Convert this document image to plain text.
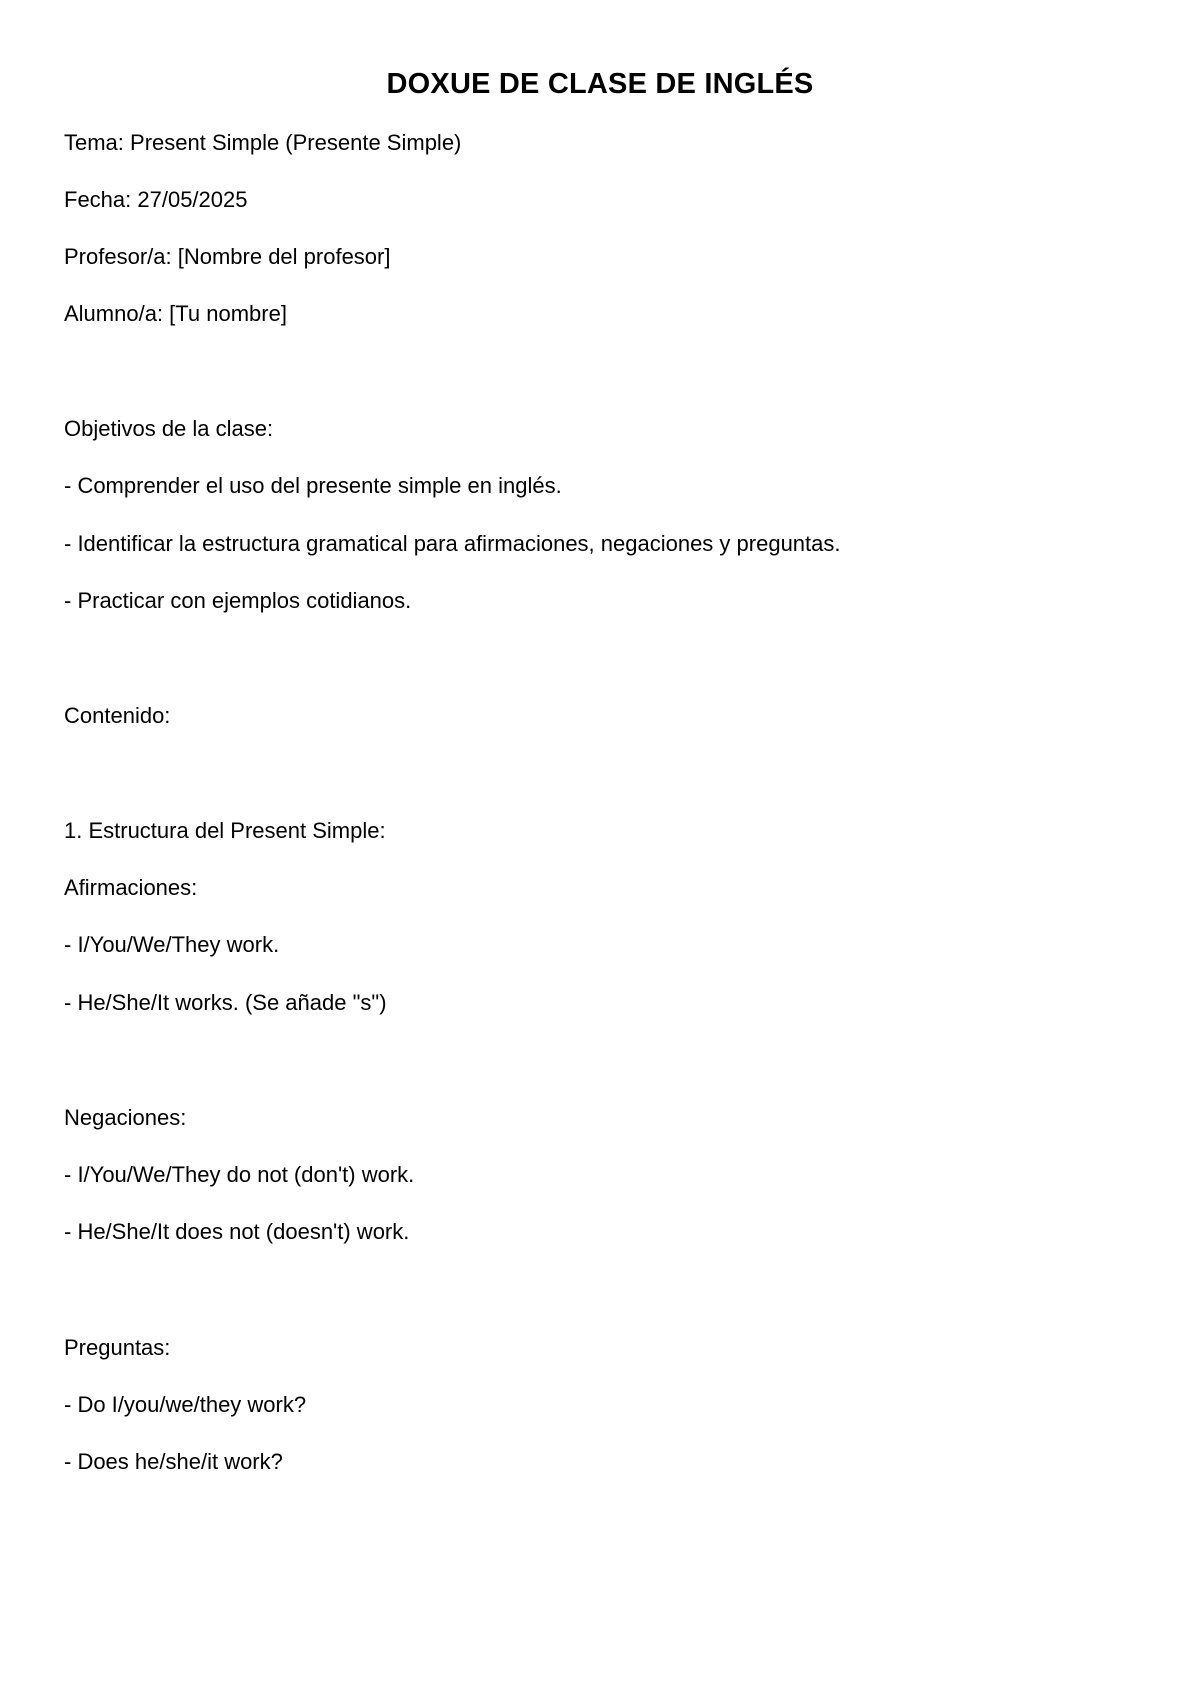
DOXUE DE CLASE DE INGLÉS

Tema: Present Simple (Presente Simple)

Fecha: 27/05/2025

Profesor/a: [Nombre del profesor]

Alumno/a: [Tu nombre]

Objetivos de la clase:

- Comprender el uso del presente simple en inglés.

- Identificar la estructura gramatical para afirmaciones, negaciones y preguntas.

- Practicar con ejemplos cotidianos.

Contenido:

1. Estructura del Present Simple:

Afirmaciones:

- I/You/We/They work.

- He/She/It works. (Se añade "s")

Negaciones:

- I/You/We/They do not (don't) work.

- He/She/It does not (doesn't) work.

Preguntas:

- Do I/you/we/they work?

- Does he/she/it work?
